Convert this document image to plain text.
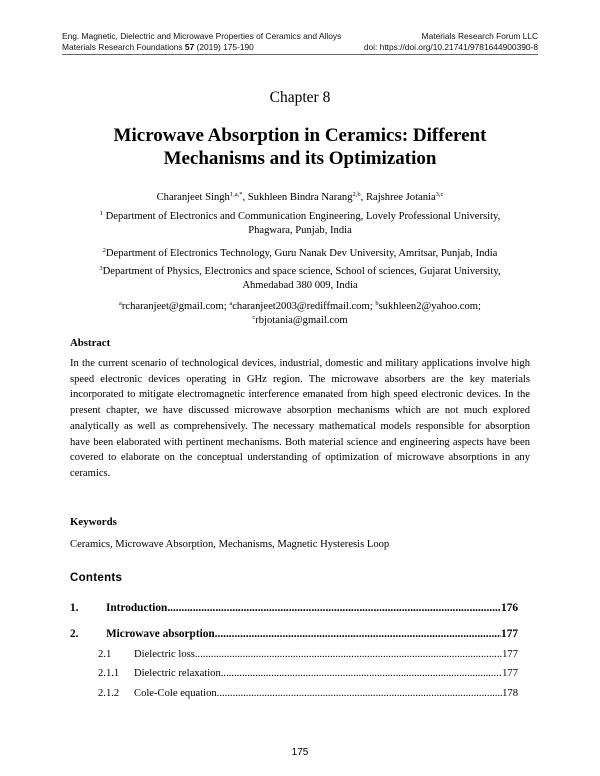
Eng. Magnetic, Dielectric and Microwave Properties of Ceramics and Alloys	Materials Research Forum LLC
Materials Research Foundations 57 (2019) 175-190	doi: https://doi.org/10.21741/9781644900390-8
Chapter 8
Microwave Absorption in Ceramics: Different
Mechanisms and its Optimization
Charanjeet Singh$^{1,a,*}$, Sukhleen Bindra Narang$^{2,b}$, Rajshree Jotania$^{3,c}$
$^1$ Department of Electronics and Communication Engineering, Lovely Professional University,
Phagwara, Punjab, India
$^2$Department of Electronics Technology, Guru Nanak Dev University, Amritsar, Punjab, India
$^3$Department of Physics, Electronics and space science, School of sciences, Gujarat University,
Ahmedabad 380 009, India
$^a$rcharanjeet@gmail.com; $^a$charanjeet2003@rediffmail.com; $^b$sukhleen2@yahoo.com;
$^c$rbjotania@gmail.com
Abstract
In the current scenario of technological devices, industrial, domestic and military applications involve high speed electronic devices operating in GHz region. The microwave absorbers are the key materials incorporated to mitigate electromagnetic interference emanated from high speed electronic devices. In the present chapter, we have discussed microwave absorption mechanisms which are not much explored analytically as well as comprehensively. The necessary mathematical models responsible for absorption have been elaborated with pertinent mechanisms. Both material science and engineering aspects have been covered to elaborate on the conceptual understanding of optimization of microwave absorptions in any ceramics.
Keywords
Ceramics, Microwave Absorption, Mechanisms, Magnetic Hysteresis Loop
Contents
1.	Introduction .....	176
2.	Microwave absorption .....	177
2.1	Dielectric loss .....	177
2.1.1	Dielectric relaxation .....	177
2.1.2	Cole-Cole equation .....	178
175
